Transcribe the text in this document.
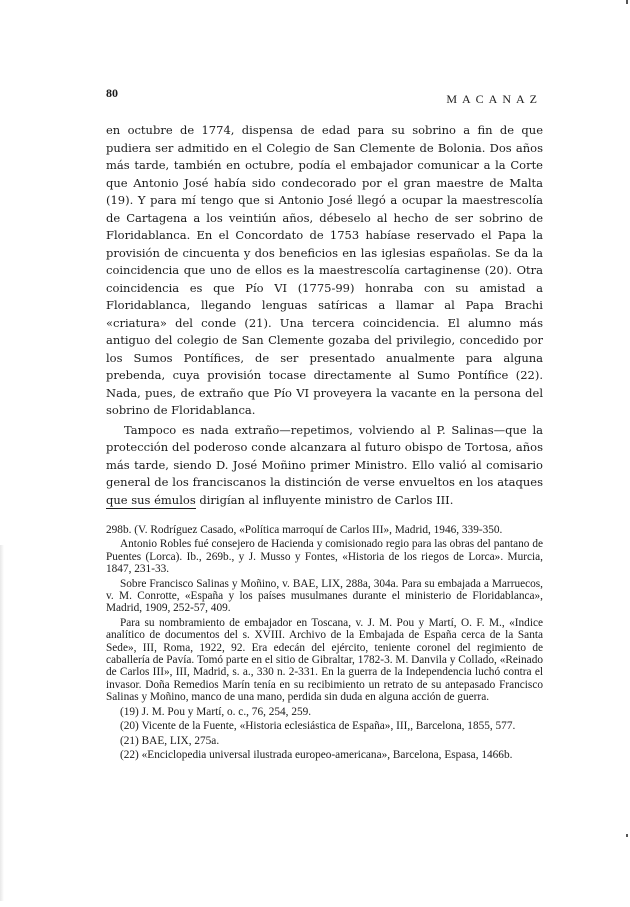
80	MACANAZ

en octubre de 1774, dispensa de edad para su sobrino a fin de que pudiera ser admitido en el Colegio de San Clemente de Bolonia. Dos años más tarde, también en octubre, podía el embajador comunicar a la Corte que Antonio José había sido condecorado por el gran maestre de Malta (19). Y para mí tengo que si Antonio José llegó a ocupar la maestrescolía de Cartagena a los veintiún años, débeselo al hecho de ser sobrino de Floridablanca. En el Concordato de 1753 habíase reservado el Papa la provisión de cincuenta y dos beneficios en las iglesias españolas. Se da la coincidencia que uno de ellos es la maestrescolía cartaginense (20). Otra coincidencia es que Pío VI (1775-99) honraba con su amistad a Floridablanca, llegando lenguas satíricas a llamar al Papa Brachi «criatura» del conde (21). Una tercera coincidencia. El alumno más antiguo del colegio de San Clemente gozaba del privilegio, concedido por los Sumos Pontífices, de ser presentado anualmente para alguna prebenda, cuya provisión tocase directamente al Sumo Pontífice (22). Nada, pues, de extraño que Pío VI proveyera la vacante en la persona del sobrino de Floridablanca.

Tampoco es nada extraño—repetimos, volviendo al P. Salinas—que la protección del poderoso conde alcanzara al futuro obispo de Tortosa, años más tarde, siendo D. José Moñino primer Ministro. Ello valió al comisario general de los franciscanos la distinción de verse envueltos en los ataques que sus émulos dirigían al influyente ministro de Carlos III.

298b. (V. Rodríguez Casado, «Política marroquí de Carlos III», Madrid, 1946, 339-350.

Antonio Robles fué consejero de Hacienda y comisionado regio para las obras del pantano de Puentes (Lorca). Ib., 269b., y J. Musso y Fontes, «Historia de los riegos de Lorca». Murcia, 1847, 231-33.

Sobre Francisco Salinas y Moñino, v. BAE, LIX, 288a, 304a. Para su embajada a Marruecos, v. M. Conrotte, «España y los países musulmanes durante el ministerio de Floridablanca», Madrid, 1909, 252-57, 409.

Para su nombramiento de embajador en Toscana, v. J. M. Pou y Martí, O. F. M., «Indice analítico de documentos del s. XVIII. Archivo de la Embajada de España cerca de la Santa Sede», III, Roma, 1922, 92. Era edecán del ejército, teniente coronel del regimiento de caballería de Pavía. Tomó parte en el sitio de Gibraltar, 1782-3. M. Danvila y Collado, «Reinado de Carlos III», III, Madrid, s. a., 330 n. 2-331. En la guerra de la Independencia luchó contra el invasor. Doña Remedios Marín tenía en su recibimiento un retrato de su antepasado Francisco Salinas y Moñino, manco de una mano, perdida sin duda en alguna acción de guerra.

(19) J. M. Pou y Martí, o. c., 76, 254, 259.

(20) Vicente de la Fuente, «Historia eclesiástica de España», III,, Barcelona, 1855, 577.

(21) BAE, LIX, 275a.

(22) «Enciclopedia universal ilustrada europeo-americana», Barcelona, Espasa, 1466b.
